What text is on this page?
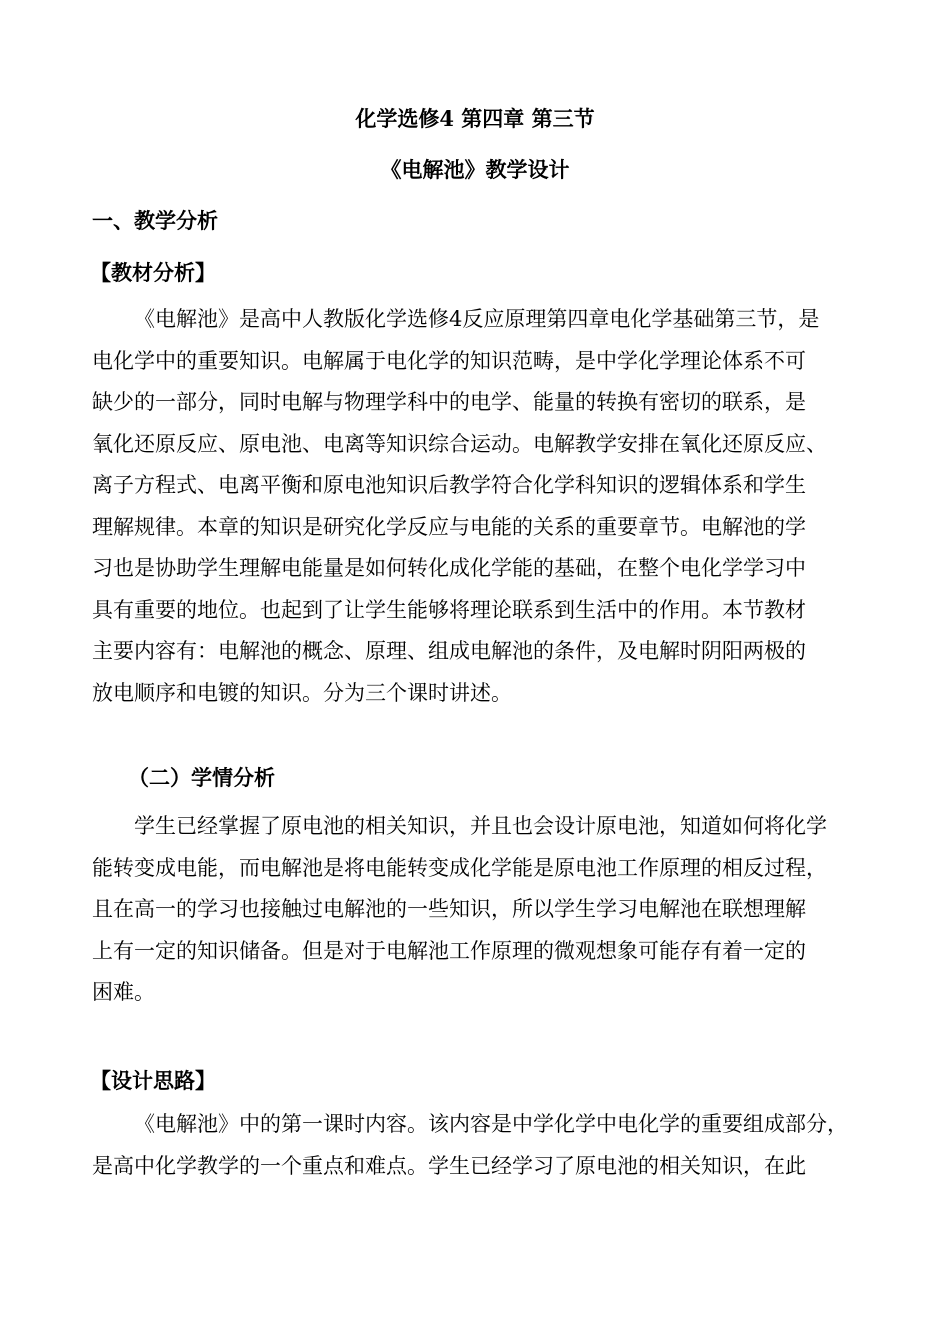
化学选修4 第四章 第三节
《电解池》教学设计
一、教学分析
【教材分析】
《电解池》是高中人教版化学选修4反应原理第四章电化学基础第三节，是
电化学中的重要知识。电解属于电化学的知识范畴，是中学化学理论体系不可
缺少的一部分，同时电解与物理学科中的电学、能量的转换有密切的联系，是
氧化还原反应、原电池、电离等知识综合运动。电解教学安排在氧化还原反应、
离子方程式、电离平衡和原电池知识后教学符合化学科知识的逻辑体系和学生
理解规律。本章的知识是研究化学反应与电能的关系的重要章节。电解池的学
习也是协助学生理解电能量是如何转化成化学能的基础，在整个电化学学习中
具有重要的地位。也起到了让学生能够将理论联系到生活中的作用。本节教材
主要内容有：电解池的概念、原理、组成电解池的条件，及电解时阴阳两极的
放电顺序和电镀的知识。分为三个课时讲述。
（二）学情分析
学生已经掌握了原电池的相关知识，并且也会设计原电池，知道如何将化学
能转变成电能，而电解池是将电能转变成化学能是原电池工作原理的相反过程，
且在高一的学习也接触过电解池的一些知识，所以学生学习电解池在联想理解
上有一定的知识储备。但是对于电解池工作原理的微观想象可能存有着一定的
困难。
【设计思路】
《电解池》中的第一课时内容。该内容是中学化学中电化学的重要组成部分，
是高中化学教学的一个重点和难点。学生已经学习了原电池的相关知识，在此
